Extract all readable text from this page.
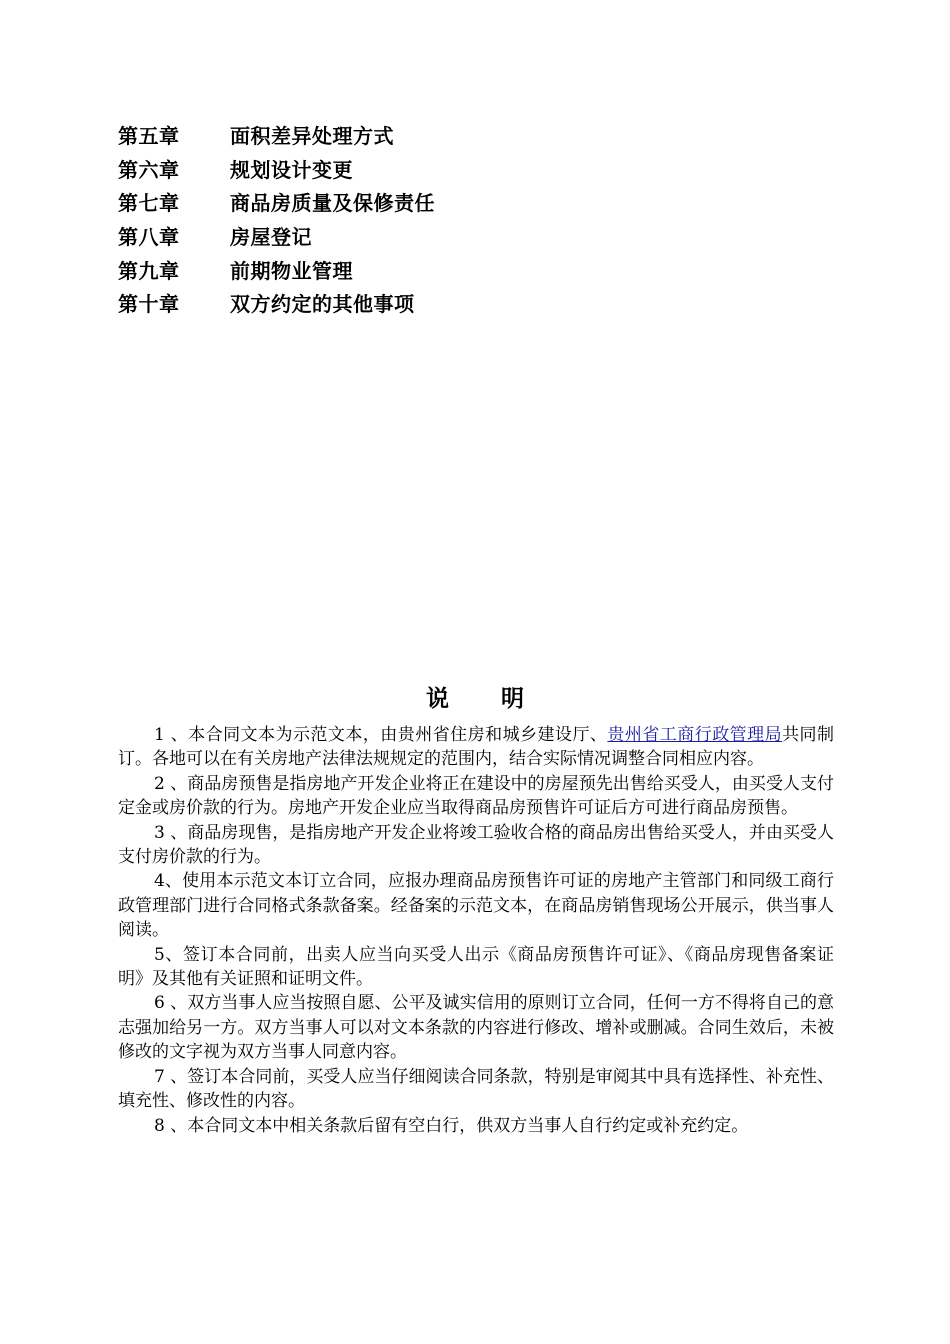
第五章	面积差异处理方式
第六章	规划设计变更
第七章	商品房质量及保修责任
第八章	房屋登记
第九章	前期物业管理
第十章	双方约定的其他事项
说 明

1 、本合同文本为示范文本，由贵州省住房和城乡建设厅、贵州省工商行政管理局共同制订。各地可以在有关房地产法律法规规定的范围内，结合实际情况调整合同相应内容。

2 、商品房预售是指房地产开发企业将正在建设中的房屋预先出售给买受人，由买受人支付定金或房价款的行为。房地产开发企业应当取得商品房预售许可证后方可进行商品房预售。

3 、商品房现售，是指房地产开发企业将竣工验收合格的商品房出售给买受人，并由买受人支付房价款的行为。

4、使用本示范文本订立合同，应报办理商品房预售许可证的房地产主管部门和同级工商行政管理部门进行合同格式条款备案。经备案的示范文本，在商品房销售现场公开展示，供当事人阅读。

5、签订本合同前，出卖人应当向买受人出示《商品房预售许可证》、《商品房现售备案证明》及其他有关证照和证明文件。

6 、双方当事人应当按照自愿、公平及诚实信用的原则订立合同，任何一方不得将自己的意志强加给另一方。双方当事人可以对文本条款的内容进行修改、增补或删减。合同生效后，未被修改的文字视为双方当事人同意内容。

7 、签订本合同前，买受人应当仔细阅读合同条款，特别是审阅其中具有选择性、补充性、填充性、修改性的内容。

8 、本合同文本中相关条款后留有空白行，供双方当事人自行约定或补充约定。
